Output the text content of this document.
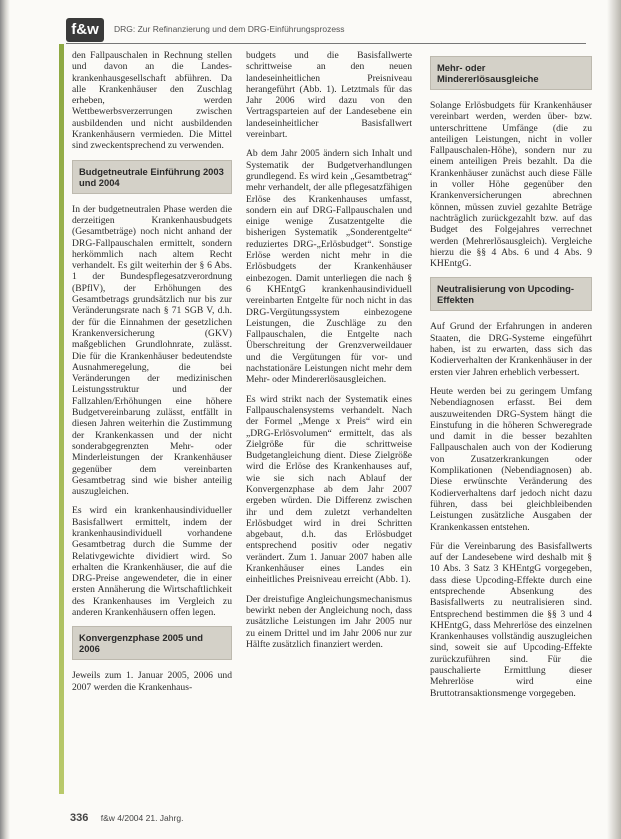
f&w	DRG: Zur Refinanzierung und dem DRG-Einführungsprozess

den Fallpauschalen in Rechnung stellen und davon an die Landes-krankenhausgesellschaft abführen. Da alle Krankenhäuser den Zuschlag erheben, werden Wettbewerbsverzerrungen zwischen ausbildenden und nicht ausbildenden Krankenhäusern vermieden. Die Mittel sind zweckentsprechend zu verwenden.

Budgetneutrale Einführung 2003 und 2004

In der budgetneutralen Phase werden die derzeitigen Krankenhausbudgets (Gesamtbeträge) noch nicht anhand der DRG-Fallpauschalen ermittelt, sondern herkömmlich nach altem Recht verhandelt. Es gilt weiterhin der § 6 Abs. 1 der Bundespflegesatzverordnung (BPflV), der Erhöhungen des Gesamtbetrags grundsätzlich nur bis zur Veränderungsrate nach § 71 SGB V, d.h. der für die Einnahmen der gesetzlichen Krankenversicherung (GKV) maßgeblichen Grundlohnrate, zulässt. Die für die Krankenhäuser bedeutendste Ausnahmeregelung, die bei Veränderungen der medizinischen Leistungsstruktur und der Fallzahlen/Erhöhungen eine höhere Budgetvereinbarung zulässt, entfällt in diesen Jahren weiterhin die Zustimmung der Krankenkassen und der nicht sonderabgegrenzten Mehr- oder Minderleistungen der Krankenhäuser gegenüber dem vereinbarten Gesamtbetrag sind wie bisher anteilig auszugleichen.

Es wird ein krankenhausindividueller Basisfallwert ermittelt, indem der krankenhausindividuell vorhandene Gesamtbetrag durch die Summe der Relativgewichte dividiert wird. So erhalten die Krankenhäuser, die auf die DRG-Preise angewendeter, die in einer ersten Annäherung die Wirtschaftlichkeit des Krankenhauses im Vergleich zu anderen Krankenhäusern offen legen.

Konvergenzphase 2005 und 2006

Jeweils zum 1. Januar 2005, 2006 und 2007 werden die Krankenhaus-

budgets und die Basisfallwerte schrittweise an den neuen landeseinheitlichen Preisniveau herangeführt (Abb. 1). Letztmals für das Jahr 2006 wird dazu von den Vertragsparteien auf der Landesebene ein landeseinheitlicher Basisfallwert vereinbart.

Ab dem Jahr 2005 ändern sich Inhalt und Systematik der Budgetverhandlungen grundlegend. Es wird kein „Gesamtbetrag“ mehr verhandelt, der alle pflegesatzfähigen Erlöse des Krankenhauses umfasst, sondern ein auf DRG-Fallpauschalen und einige wenige Zusatzentgelte die bisherigen Systematik „Sonderentgelte“ reduziertes DRG-„Erlösbudget“. Sonstige Erlöse werden nicht mehr in die Erlösbudgets der Krankenhäuser einbezogen. Damit unterliegen die nach § 6 KHEntgG krankenhausindividuell vereinbarten Entgelte für noch nicht in das DRG-Vergütungssystem einbezogene Leistungen, die Zuschläge zu den Fallpauschalen, die Entgelte nach Überschreitung der Grenzverweildauer und die Vergütungen für vor- und nachstationäre Leistungen nicht mehr dem Mehr- oder Mindererlösausgleichen.

Es wird strikt nach der Systematik eines Fallpauschalensystems verhandelt. Nach der Formel „Menge x Preis“ wird ein „DRG-Erlösvolumen“ ermittelt, das als Zielgröße für die schrittweise Budgetangleichung dient. Diese Zielgröße wird die Erlöse des Krankenhauses auf, wie sie sich nach Ablauf der Konvergenzphase ab dem Jahr 2007 ergeben würden. Die Differenz zwischen ihr und dem zuletzt verhandelten Erlösbudget wird in drei Schritten abgebaut, d.h. das Erlösbudget entsprechend positiv oder negativ verändert. Zum 1. Januar 2007 haben alle Krankenhäuser eines Landes ein einheitliches Preisniveau erreicht (Abb. 1).

Der dreistufige Angleichungsmechanismus bewirkt neben der Angleichung noch, dass zusätzliche Leistungen im Jahr 2005 nur zu einem Drittel und im Jahr 2006 nur zur Hälfte zusätzlich finanziert werden.

Mehr- oder Mindererlösausgleiche

Solange Erlösbudgets für Krankenhäuser vereinbart werden, werden über- bzw. unterschrittene Umfänge (die zu anteiligen Leistungen, nicht in voller Fallpauschalen-Höhe), sondern nur zu einem anteiligen Preis bezahlt. Da die Krankenhäuser zunächst auch diese Fälle in voller Höhe gegenüber den Krankenversicherungen abrechnen können, müssen zuviel gezahlte Beträge nachträglich zurückgezahlt bzw. auf das Budget des Folgejahres verrechnet werden (Mehrerlösausgleich). Vergleiche hierzu die §§ 4 Abs. 6 und 4 Abs. 9 KHEntgG.

Neutralisierung von Upcoding-Effekten

Auf Grund der Erfahrungen in anderen Staaten, die DRG-Systeme eingeführt haben, ist zu erwarten, dass sich das Kodierverhalten der Krankenhäuser in der ersten vier Jahren erheblich verbessert.

Heute werden bei zu geringem Umfang Nebendiagnosen erfasst. Bei dem auszuweitenden DRG-System hängt die Einstufung in die höheren Schweregrade und damit in die besser bezahlten Fallpauschalen auch von der Kodierung von Zusatzerkrankungen oder Komplikationen (Nebendiagnosen) ab. Diese erwünschte Veränderung des Kodierverhaltens darf jedoch nicht dazu führen, dass bei gleichbleibenden Leistungen zusätzliche Ausgaben der Krankenkassen entstehen.

Für die Vereinbarung des Basisfallwerts auf der Landesebene wird deshalb mit § 10 Abs. 3 Satz 3 KHEntgG vorgegeben, dass diese Upcoding-Effekte durch eine entsprechende Absenkung des Basisfallwerts zu neutralisieren sind. Entsprechend bestimmen die §§ 3 und 4 KHEntgG, dass Mehrerlöse des einzelnen Krankenhauses vollständig auszugleichen sind, soweit sie auf Upcoding-Effekte zurückzuführen sind. Für die pauschalierte Ermittlung dieser Mehrerlöse wird eine Bruttotransaktionsmenge vorgegeben.

336 f&w 4/2004 21. Jahrg.
